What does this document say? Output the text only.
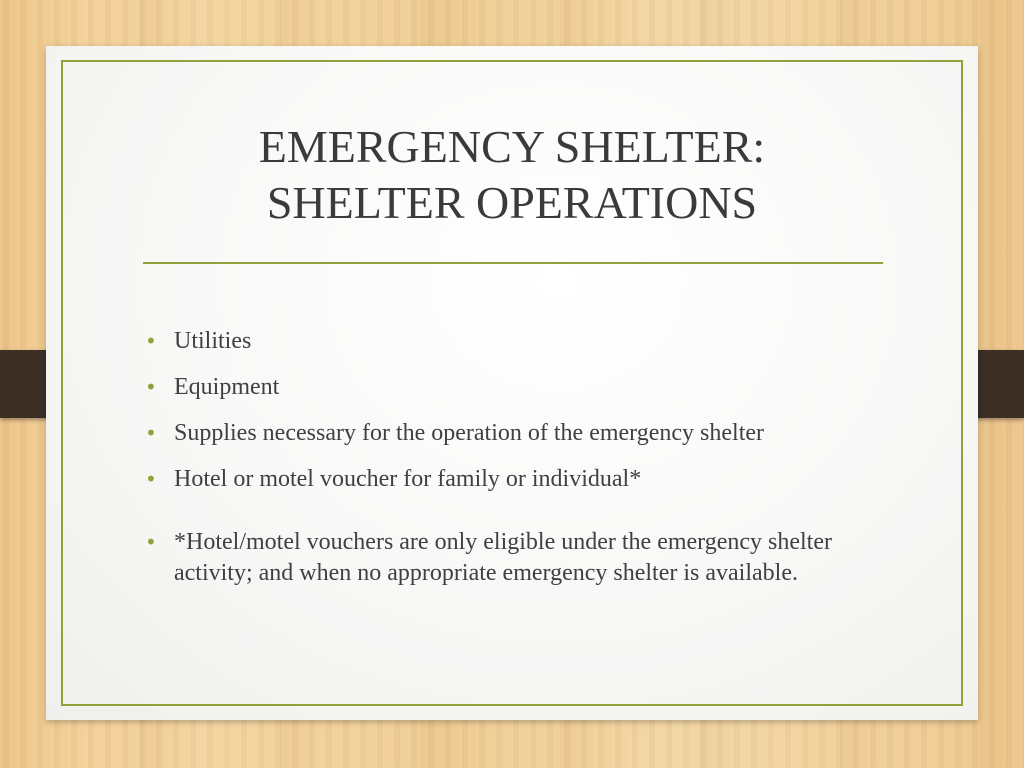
EMERGENCY SHELTER:
SHELTER OPERATIONS
• Utilities
• Equipment
• Supplies necessary for the operation of the emergency shelter
• Hotel or motel voucher for family or individual*
• *Hotel/motel vouchers are only eligible under the emergency shelter activity; and when no appropriate emergency shelter is available.
